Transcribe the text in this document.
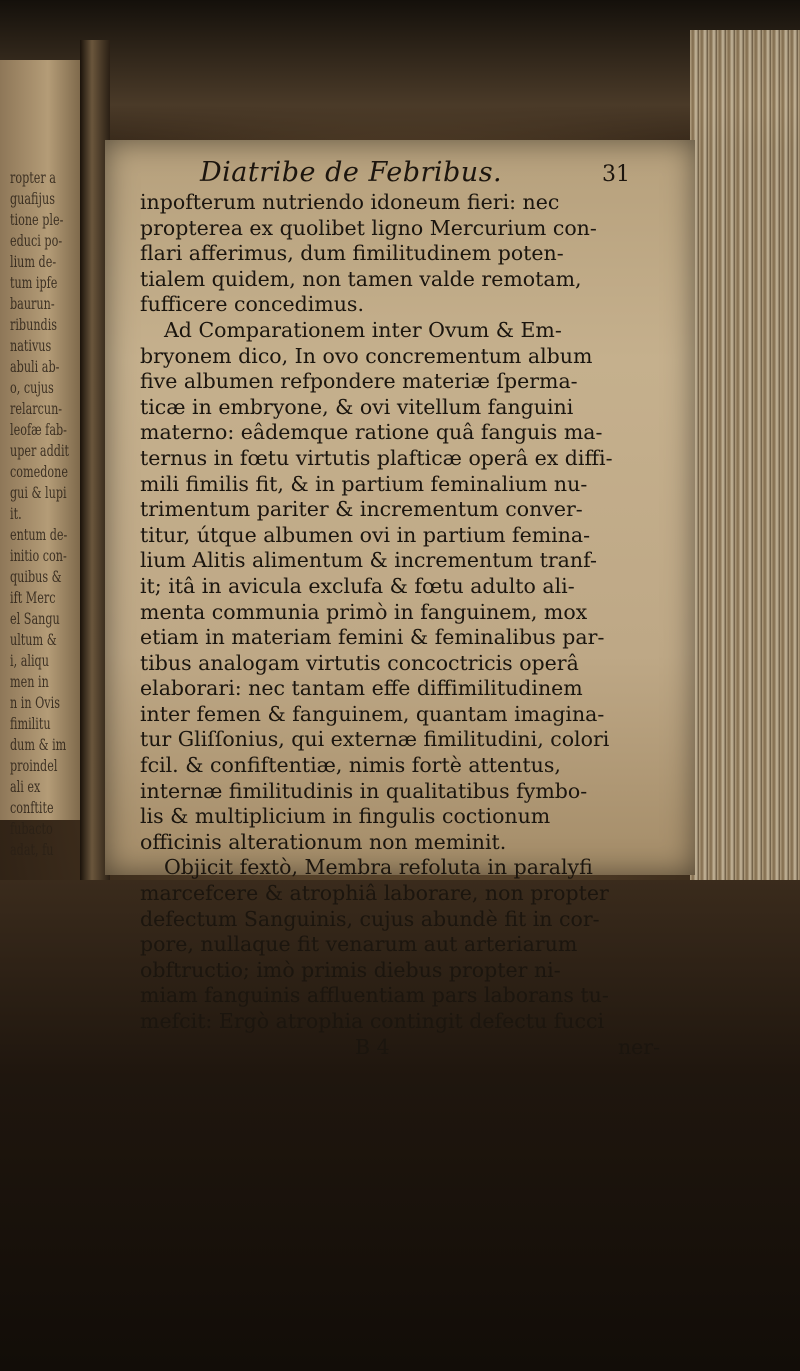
ropter a
guafijus
tione ple-
educi po-
lium de-
tum ipfe
baurun-
ribundis
nativus
abuli ab-
o, cujus
relarcun-
leofæ fab-
uper addit
comedone
gui & lupi
it.
entum de-
initio con-
quibus &
ift Merc
el Sangu
ultum &
i, aliqu
men in
n in Ovis
fimilitu
dum & im
proindel
ali ex
conftite
fubacto
adat, fu
Diatribe de Febribus.	31
inpofterum nutriendo idoneum fieri: nec
propterea ex quolibet ligno Mercurium con-
flari afferimus, dum fimilitudinem poten-
tialem quidem, non tamen valde remotam,
fufficere concedimus.
Ad Comparationem inter Ovum & Em-
bryonem dico, In ovo concrementum album
five albumen refpondere materiæ ſperma-
ticæ in embryone, & ovi vitellum fanguini
materno: eâdemque ratione quâ fanguis ma-
ternus in fœtu virtutis plafticæ operâ ex diffi-
mili fimilis fit, & in partium feminalium nu-
trimentum pariter & incrementum conver-
titur, útque albumen ovi in partium femina-
lium Alitis alimentum & incrementum tranf-
it; itâ in avicula exclufa & fœtu adulto ali-
menta communia primò in fanguinem, mox
etiam in materiam femini & feminalibus par-
tibus analogam virtutis concoctricis operâ
elaborari: nec tantam effe diffimilitudinem
inter femen & fanguinem, quantam imagina-
tur Gliſſonius, qui externæ fimilitudini, colori
fcil. & confiftentiæ, nimis fortè attentus,
internæ fimilitudinis in qualitatibus fymbo-
lis & multiplicium in fingulis coctionum
officinis alterationum non meminit.
Objicit fextò, Membra refoluta in paralyfi
marcefcere & atrophiâ laborare, non propter
defectum Sanguinis, cujus abundè fit in cor-
pore, nullaque fit venarum aut arteriarum
obftructio; imò primis diebus propter ni-
miam fanguinis affluentiam pars laborans tu-
mefcit: Ergò atrophia contingit defectu fucci
B 4	ner-
